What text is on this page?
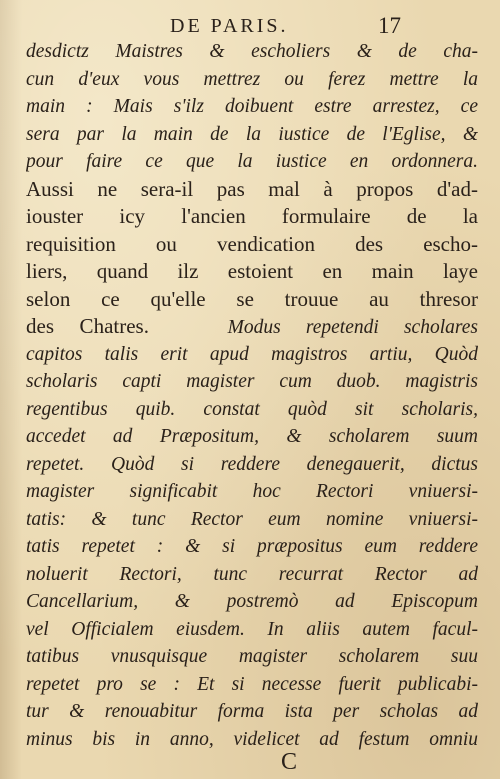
DE PARIS.	17
desdictz Maistres & escholiers & de cha-
cun d'eux vous mettrez ou ferez mettre la
main : Mais s'ilz doibuent estre arrestez, ce
sera par la main de la iustice de l'Eglise, &
pour faire ce que la iustice en ordonnera.
Aussi ne sera-il pas mal à propos d'ad-
iouster icy l'ancien formulaire de la
requisition ou vendication des escho-
liers, quand ilz estoient en main laye
selon ce qu'elle se trouue au thresor
des Chatres.	Modus repetendi scholares
capitos talis erit apud magistros artiu, Quòd
scholaris capti magister cum duob. magistris
regentibus quib. constat quòd sit scholaris,
accedet ad Præpositum, & scholarem suum
repetet. Quòd si reddere denegauerit, dictus
magister significabit hoc Rectori vniuersi-
tatis: & tunc Rector eum nomine vniuersi-
tatis repetet : & si præpositus eum reddere
noluerit Rectori, tunc recurrat Rector ad
Cancellarium, & postremò ad Episcopum
vel Officialem eiusdem. In aliis autem facul-
tatibus vnusquisque magister scholarem suu
repetet pro se : Et si necesse fuerit publicabi-
tur & renouabitur forma ista per scholas ad
minus bis in anno, videlicet ad festum omniu
C
